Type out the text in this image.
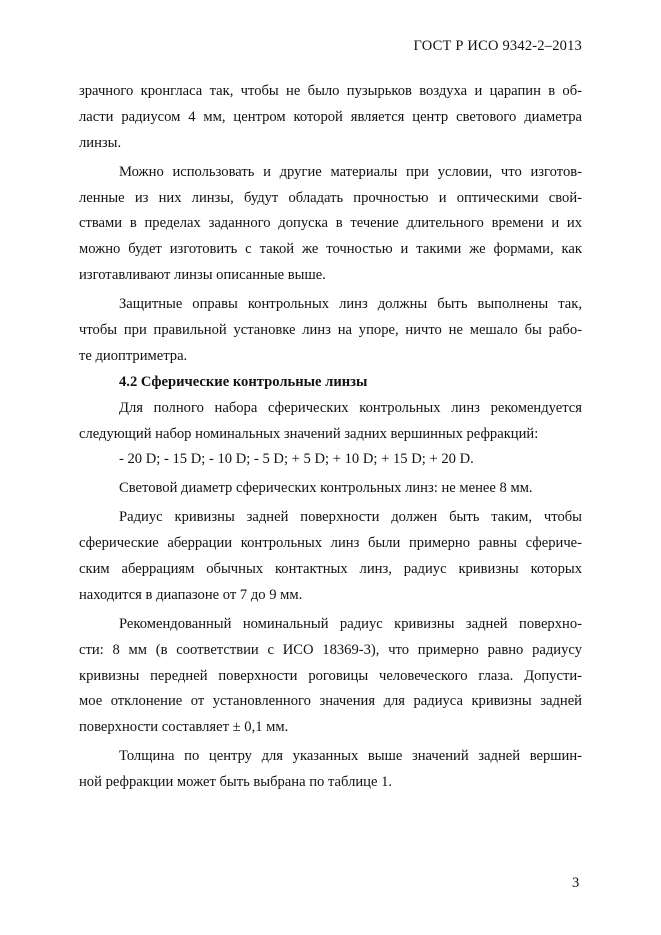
ГОСТ Р ИСО 9342-2–2013
зрачного кронгласа так, чтобы не было пузырьков воздуха и царапин в об-
ласти радиусом 4 мм, центром которой является центр светового диаметра
линзы.
Можно использовать и другие материалы при условии, что изготов-
ленные из них линзы, будут обладать прочностью и оптическими свой-
ствами в пределах заданного допуска в течение длительного времени и их
можно будет изготовить с такой же точностью и такими же формами, как
изготавливают линзы описанные выше.
Защитные оправы контрольных линз должны быть выполнены так,
чтобы при правильной установке линз на упоре, ничто не мешало бы рабо-
те диоптриметра.
4.2 Сферические контрольные линзы
Для полного набора сферических контрольных линз рекомендуется
следующий набор номинальных значений задних вершинных рефракций:
- 20 D; - 15 D; - 10 D; - 5 D; + 5 D; + 10 D; + 15 D; + 20 D.
Световой диаметр сферических контрольных линз: не менее 8 мм.
Радиус кривизны задней поверхности должен быть таким, чтобы
сферические аберрации контрольных линз были примерно равны сфериче-
ским аберрациям обычных контактных линз, радиус кривизны которых
находится в диапазоне от 7 до 9 мм.
Рекомендованный номинальный радиус кривизны задней поверхно-
сти: 8 мм (в соответствии с ИСО 18369-3), что примерно равно радиусу
кривизны передней поверхности роговицы человеческого глаза. Допусти-
мое отклонение от установленного значения для радиуса кривизны задней
поверхности составляет ± 0,1 мм.
Толщина по центру для указанных выше значений задней вершин-
ной рефракции может быть выбрана по таблице 1.
3
